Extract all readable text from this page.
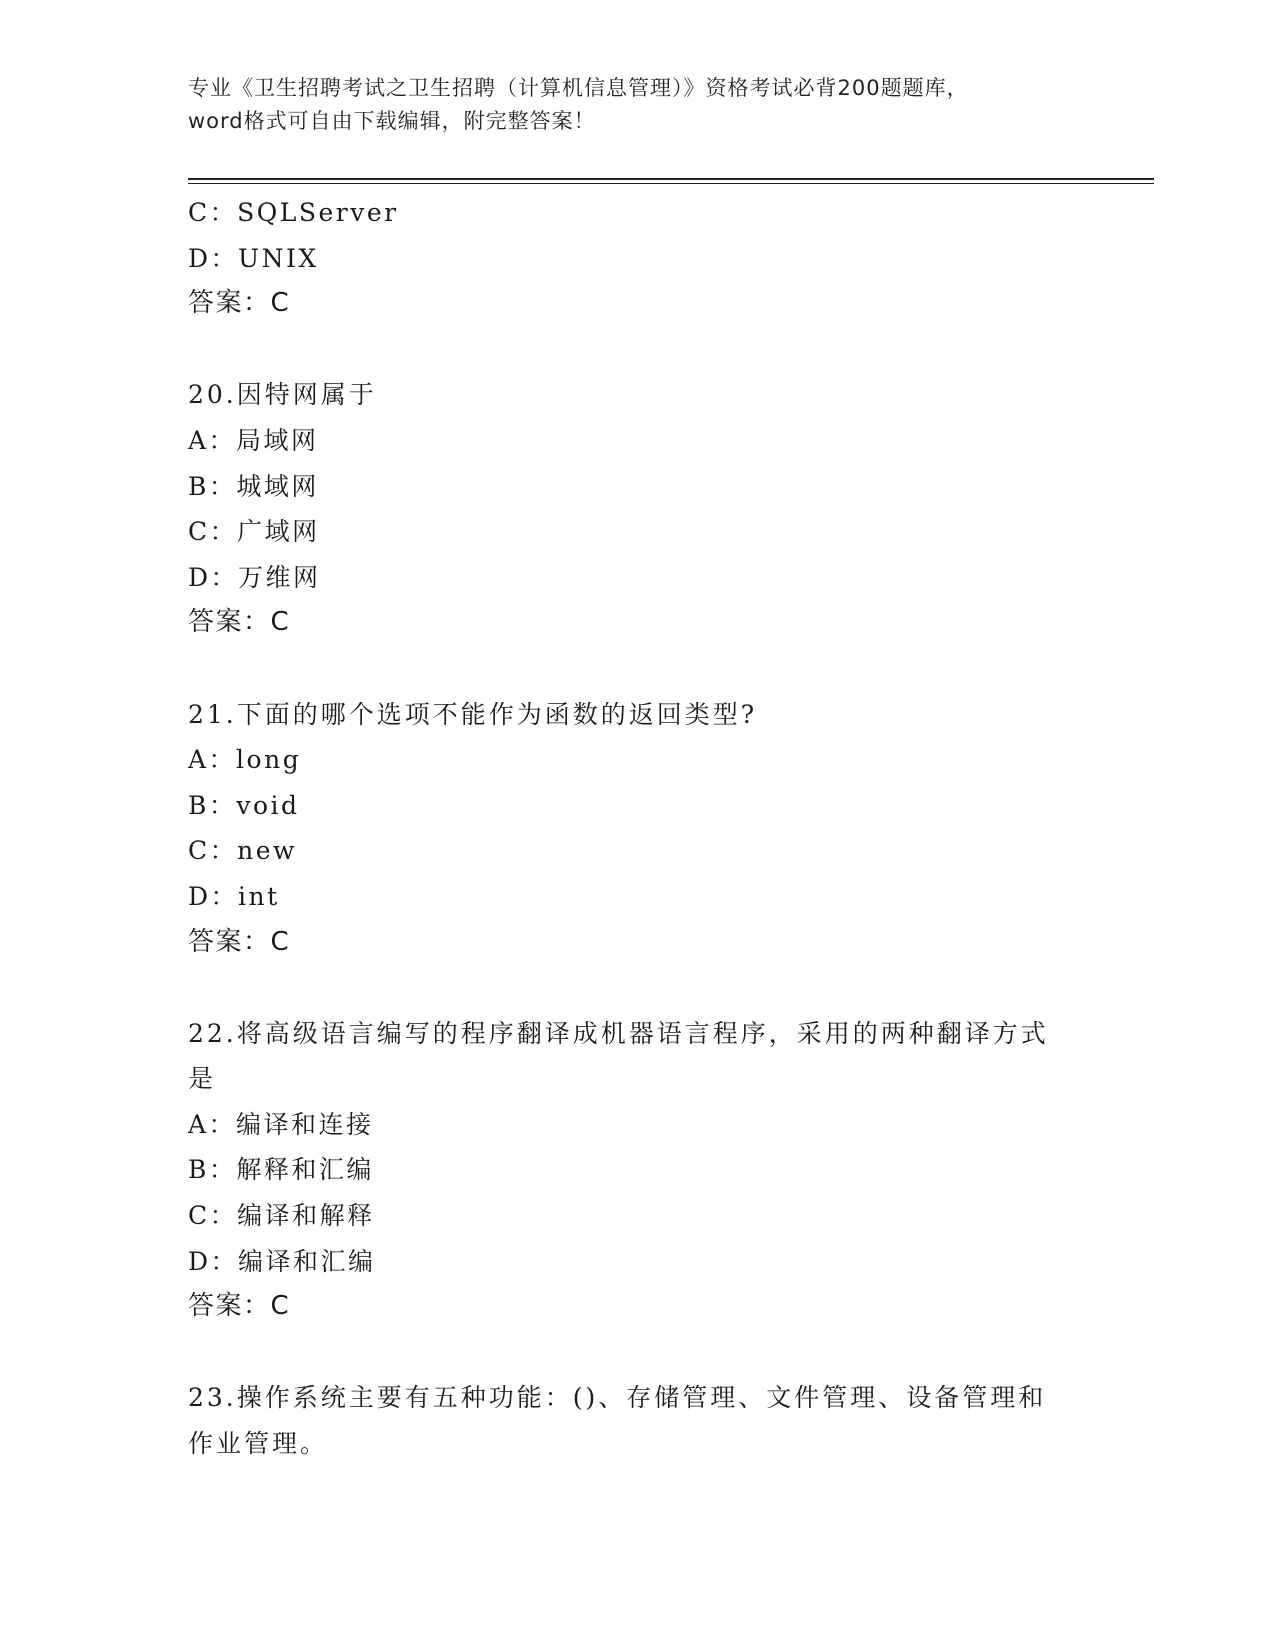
专业《卫生招聘考试之卫生招聘（计算机信息管理）》资格考试必背200题题库，
word格式可自由下载编辑，附完整答案！
C：SQLServer
D：UNIX
答案：C
20.因特网属于
A：局域网
B：城域网
C：广域网
D：万维网
答案：C
21.下面的哪个选项不能作为函数的返回类型?
A：long
B：void
C：new
D：int
答案：C
22.将高级语言编写的程序翻译成机器语言程序，采用的两种翻译方式
是
A：编译和连接
B：解释和汇编
C：编译和解释
D：编译和汇编
答案：C
23.操作系统主要有五种功能：()、存储管理、文件管理、设备管理和
作业管理。
